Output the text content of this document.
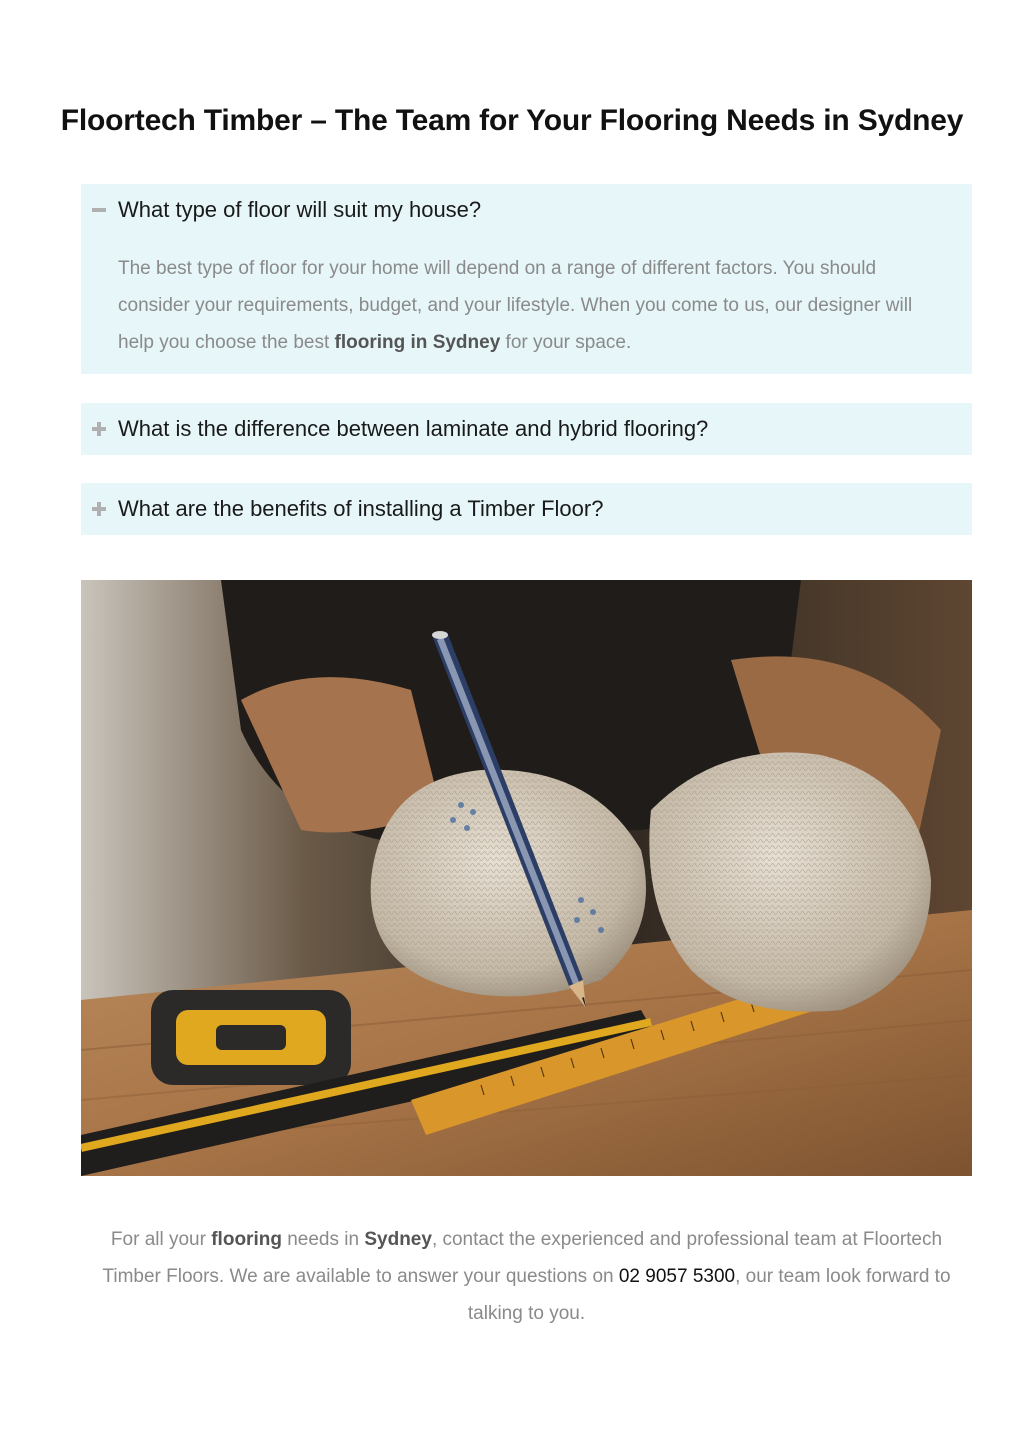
Floortech Timber – The Team for Your Flooring Needs in Sydney
What type of floor will suit my house?

The best type of floor for your home will depend on a range of different factors. You should consider your requirements, budget, and your lifestyle. When you come to us, our designer will help you choose the best flooring in Sydney for your space.

What is the difference between laminate and hybrid flooring?
What are the benefits of installing a Timber Floor?

For all your flooring needs in Sydney, contact the experienced and professional team at Floortech Timber Floors. We are available to answer your questions on 02 9057 5300, our team look forward to talking to you.
